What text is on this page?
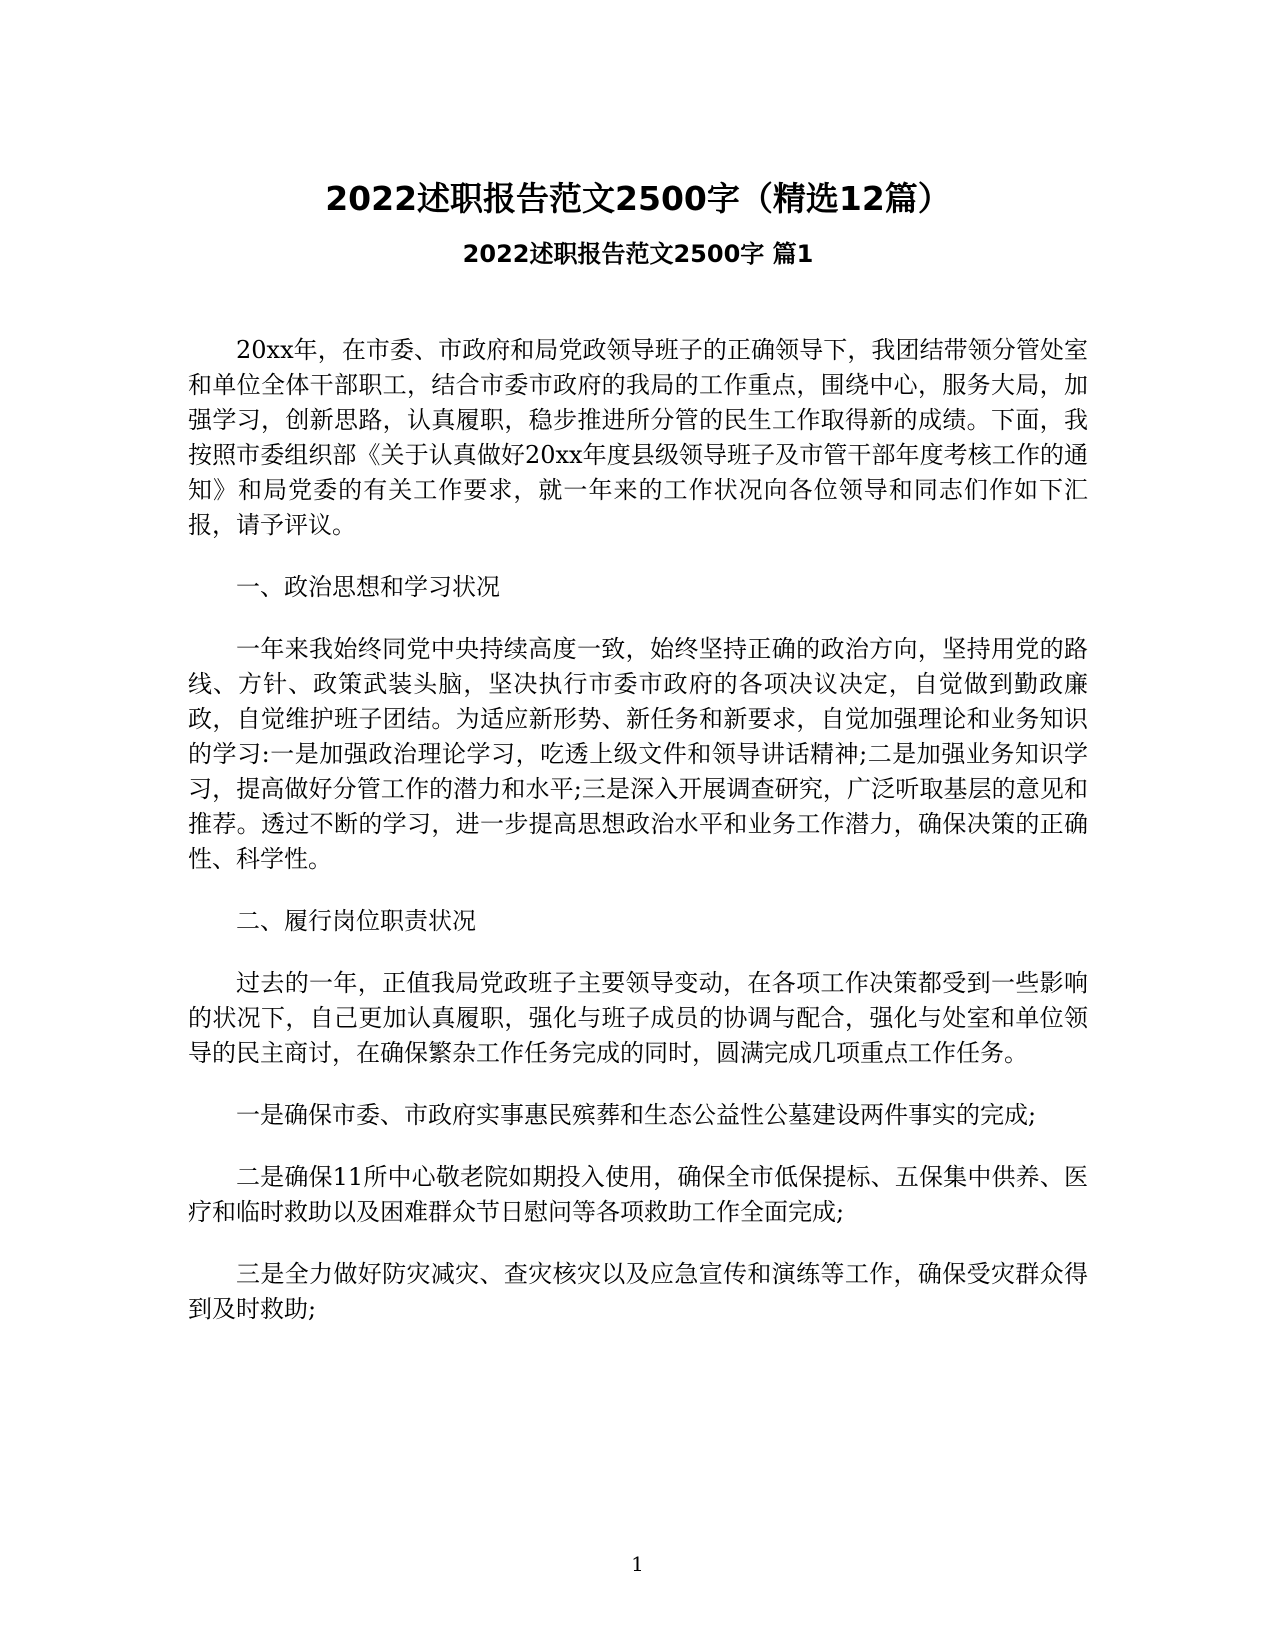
2022述职报告范文2500字（精选12篇）
2022述职报告范文2500字 篇1

20xx年，在市委、市政府和局党政领导班子的正确领导下，我团结带领分管处室和单位全体干部职工，结合市委市政府的我局的工作重点，围绕中心，服务大局，加强学习，创新思路，认真履职，稳步推进所分管的民生工作取得新的成绩。下面，我按照市委组织部《关于认真做好20xx年度县级领导班子及市管干部年度考核工作的通知》和局党委的有关工作要求，就一年来的工作状况向各位领导和同志们作如下汇报，请予评议。

一、政治思想和学习状况

一年来我始终同党中央持续高度一致，始终坚持正确的政治方向，坚持用党的路线、方针、政策武装头脑，坚决执行市委市政府的各项决议决定，自觉做到勤政廉政，自觉维护班子团结。为适应新形势、新任务和新要求，自觉加强理论和业务知识的学习:一是加强政治理论学习，吃透上级文件和领导讲话精神;二是加强业务知识学习，提高做好分管工作的潜力和水平;三是深入开展调查研究，广泛听取基层的意见和推荐。透过不断的学习，进一步提高思想政治水平和业务工作潜力，确保决策的正确性、科学性。

二、履行岗位职责状况

过去的一年，正值我局党政班子主要领导变动，在各项工作决策都受到一些影响的状况下，自己更加认真履职，强化与班子成员的协调与配合，强化与处室和单位领导的民主商讨，在确保繁杂工作任务完成的同时，圆满完成几项重点工作任务。

一是确保市委、市政府实事惠民殡葬和生态公益性公墓建设两件事实的完成;

二是确保11所中心敬老院如期投入使用，确保全市低保提标、五保集中供养、医疗和临时救助以及困难群众节日慰问等各项救助工作全面完成;

三是全力做好防灾减灾、查灾核灾以及应急宣传和演练等工作，确保受灾群众得到及时救助;

1
